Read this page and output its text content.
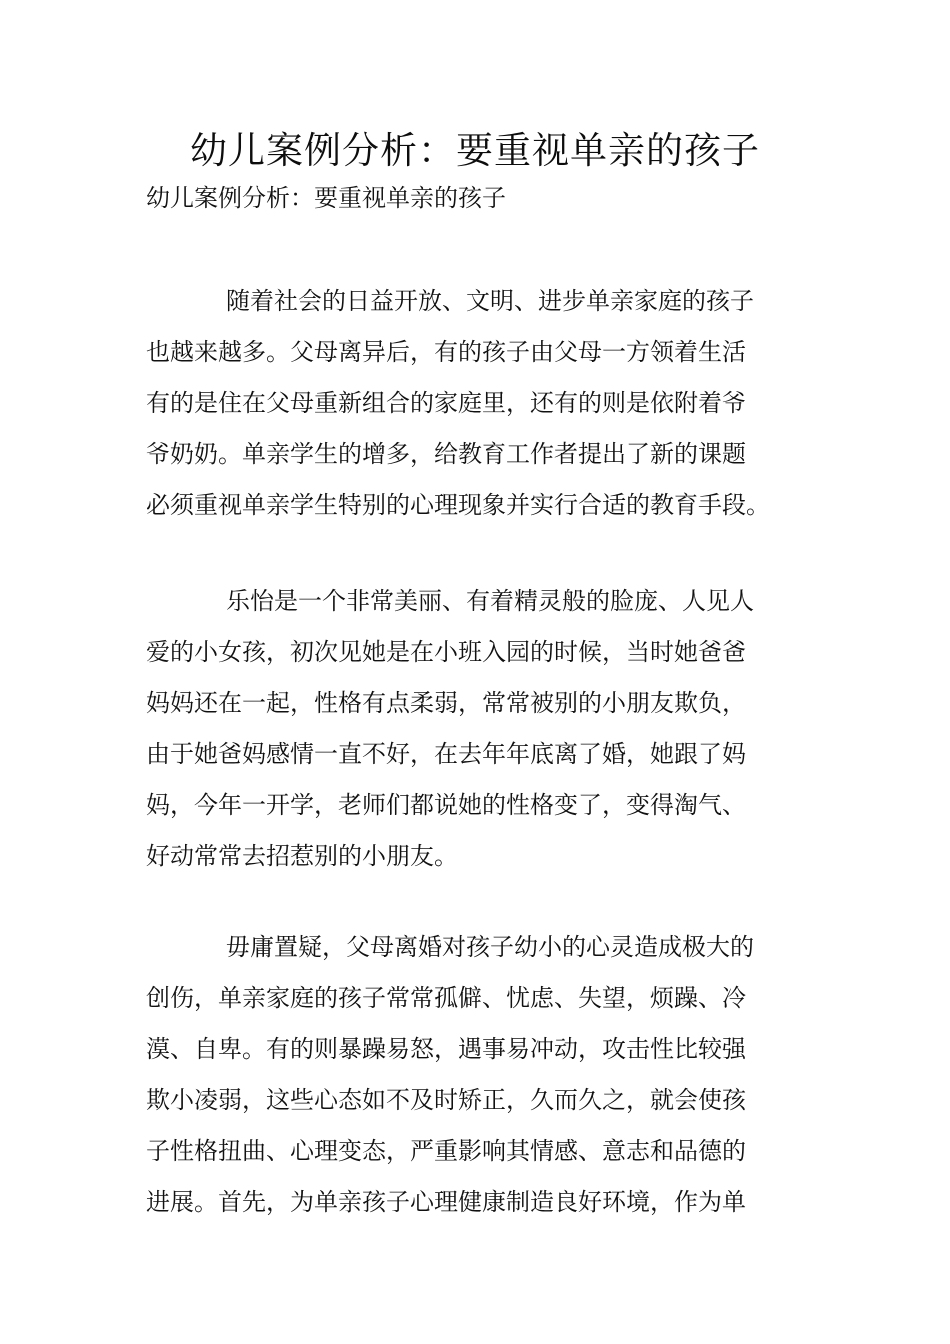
幼儿案例分析：要重视单亲的孩子
幼儿案例分析：要重视单亲的孩子
随着社会的日益开放、文明、进步单亲家庭的孩子
也越来越多。父母离异后，有的孩子由父母一方领着生活
有的是住在父母重新组合的家庭里，还有的则是依附着爷
爷奶奶。单亲学生的增多，给教育工作者提出了新的课题
必须重视单亲学生特别的心理现象并实行合适的教育手段。
乐怡是一个非常美丽、有着精灵般的脸庞、人见人
爱的小女孩，初次见她是在小班入园的时候，当时她爸爸
妈妈还在一起，性格有点柔弱，常常被别的小朋友欺负，
由于她爸妈感情一直不好，在去年年底离了婚，她跟了妈
妈，今年一开学，老师们都说她的性格变了，变得淘气、
好动常常去招惹别的小朋友。
毋庸置疑，父母离婚对孩子幼小的心灵造成极大的
创伤，单亲家庭的孩子常常孤僻、忧虑、失望，烦躁、冷
漠、自卑。有的则暴躁易怒，遇事易冲动，攻击性比较强
欺小凌弱，这些心态如不及时矫正，久而久之，就会使孩
子性格扭曲、心理变态，严重影响其情感、意志和品德的
进展。首先，为单亲孩子心理健康制造良好环境，作为单
